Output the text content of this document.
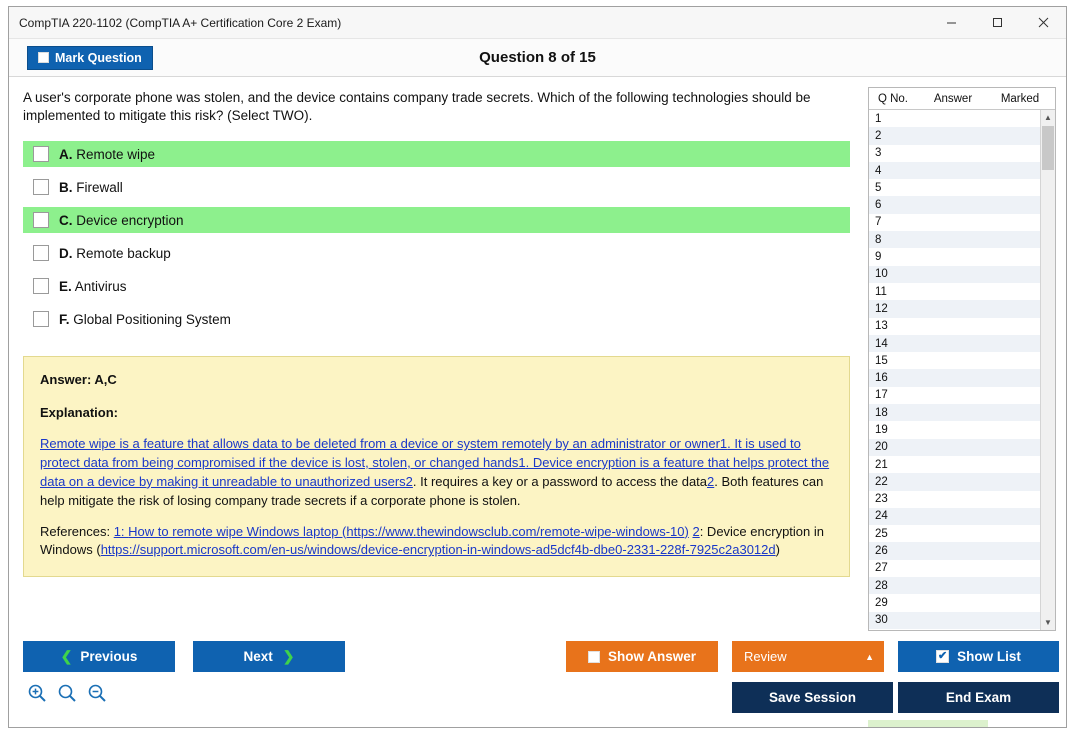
CompTIA 220-1102 (CompTIA A+ Certification Core 2 Exam)
Mark Question	Question 8 of 15
A user's corporate phone was stolen, and the device contains company trade secrets. Which of the following technologies should be implemented to mitigate this risk? (Select TWO).
A. Remote wipe
B. Firewall
C. Device encryption
D. Remote backup
E. Antivirus
F. Global Positioning System
Answer: A,C
Explanation:

Remote wipe is a feature that allows data to be deleted from a device or system remotely by an administrator or owner1. It is used to protect data from being compromised if the device is lost, stolen, or changed hands1. Device encryption is a feature that helps protect the data on a device by making it unreadable to unauthorized users2. It requires a key or a password to access the data2. Both features can help mitigate the risk of losing company trade secrets if a corporate phone is stolen.

References: 1: How to remote wipe Windows laptop (https://www.thewindowsclub.com/remote-wipe-windows-10) 2: Device encryption in Windows (https://support.microsoft.com/en-us/windows/device-encryption-in-windows-ad5dcf4b-dbe0-2331-228f-7925c2a3012d)

Q No.	Answer	Marked
1
2
3
4
5
6
7
8
9
10
11
12
13
14
15
16
17
18
19
20
21
22
23
24
25
26
27
28
29
30
▲
▼
❮ Previous	Next ❯	Show Answer	Review	▲	✔ Show List
Save Session	End Exam
